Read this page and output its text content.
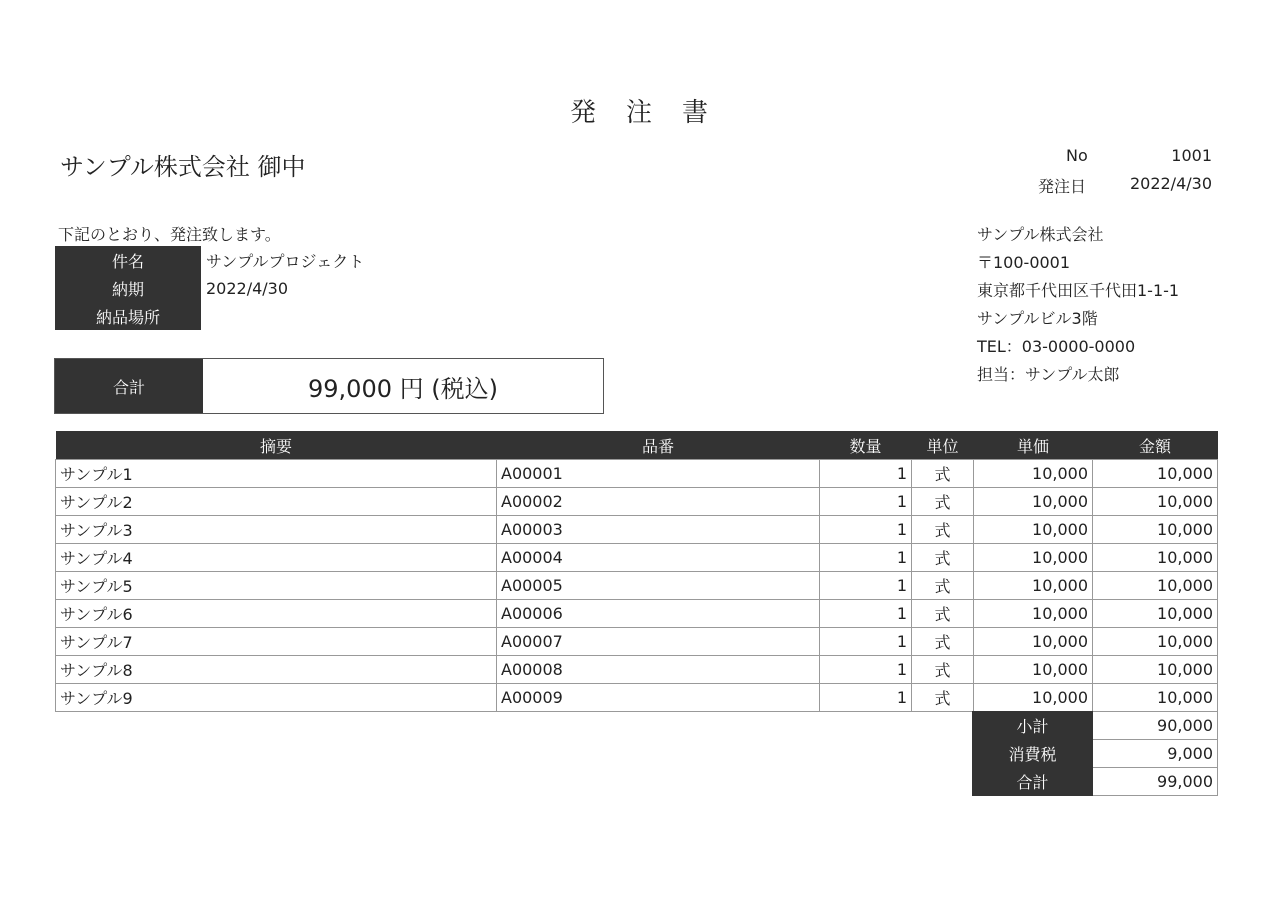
発　注　書
サンプル株式会社 御中	No	1001
発注日	2022/4/30
下記のとおり、発注致します。
件名	サンプルプロジェクト
納期	2022/4/30
納品場所	
合計	99,000 円 (税込)
サンプル株式会社
〒100-0001
東京都千代田区千代田1-1-1
サンプルビル3階
TEL：03-0000-0000
担当：サンプル太郎
摘要	品番	数量	単位	単価	金額
サンプル1	A00001	1	式	10,000	10,000
サンプル2	A00002	1	式	10,000	10,000
サンプル3	A00003	1	式	10,000	10,000
サンプル4	A00004	1	式	10,000	10,000
サンプル5	A00005	1	式	10,000	10,000
サンプル6	A00006	1	式	10,000	10,000
サンプル7	A00007	1	式	10,000	10,000
サンプル8	A00008	1	式	10,000	10,000
サンプル9	A00009	1	式	10,000	10,000
小計	90,000
消費税	9,000
合計	99,000
